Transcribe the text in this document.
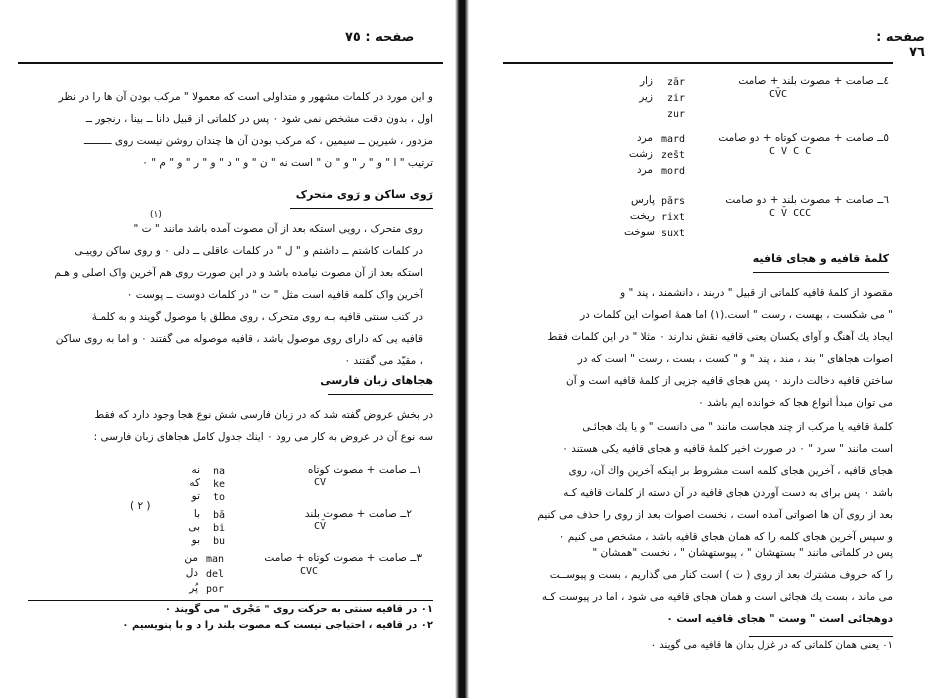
صفحه : ٧٥
و این مورد در کلمات مشهور و متداولی است که معمولا " مرکب بودن آن ها را در نظر
اول ، بدون دقت مشخص نمی شود ٠ پس در کلماتی از قبیل دانا ــ بینا ، رنجور ــ
مزدور ، شیرین ــ سیمین ، که مرکب بودن آن ها چندان روشن نیست روی ـــــــــ
ترتیب " ا " و " ر " و " ن " است نه " ن " و " د " و " ر " و " م " ٠
رَوی ساکن و رَوی متحرک
(١)
روی متحرک ، رویی استکه بعد از آن مصوت آمده باشد مانند " ت "
در کلمات کاشتم ــ داشتم و " ل " در کلمات عاقلی ــ دلی ٠ و روی ساکن روییـی
استکه بعد از آن مصوت نیامده باشد و در این صورت روی هم آخرین واک اصلی و هـم
آخرین واک کلمه قافیه است مثل " ت " در کلمات دوست ــ پوست ٠
در کتب سنتی قافیه بـه روی متحرک ، روی مطلق یا موصول گویند و به کلمـهٔ
قافیه یی که دارای روی موصول باشد ، قافیه موصوله می گفتند ٠ و اما به روی ساکن
، مقیّد می گفتند ٠
هجاهای زبان فارسی
در بخش عروض گفته شد که در زبان فارسی شش نوع هجا وجود دارد که فقط
سه نوع آن در عروض به کار می رود ٠ اینك جدول کامل هجاهای زبان فارسی :
١ــ صامت + مصوت کوتاه
CV
na
ke
to
نه
که
تو
٢ــ صامت + مصوت بلند
CV̄
( ٢ )
bā
bi
bu
با
بی
بو
٣ــ صامت + مصوت کوتاه + صامت
CVC
man
del
por
من
دل
پُر
٠١ در قافیه سنتی به حرکت روی " مَجْری " می گویند ٠
٠٢ در قافیه ، احتیاجی نیست کـه مصوت بلند را د و با پنویسیم ٠
صفحه : ٧٦
٤ــ صامت + مصوت بلند + صامت
CV̄C
zār
zir
zur
زار
زیر
٥ــ صامت + مصوت کوتاه + دو صامت
C V C C
mard
zešt
mord
مرد
زشت
مرد
٦ــ صامت + مصوت بلند + دو صامت
C V̄ CCC
pārs
rixt
suxt
پارس
ریخت
سوخت
کلمهٔ قافیه و هجای قافیه
مقصود از کلمهٔ قافیه کلماتی از قبیل " دربند ، دانشمند ، پند " و
" می شکست ، بهست ، رست " است.(١) اما همهٔ اصوات این کلمات در
ایجاد یك آهنگ و آوای یکسان یعنی قافیه نقش ندارند ٠ مثلا " در این کلمات فقط
اصوات هجاهای " بند ، مند ، پند " و " کست ، بست ، رست " است که در
ساختن قافیه دخالت دارند ٠ پس هجای قافیه جزیی از کلمهٔ قافیه است و آن
می توان مبدأ انواع هجا که خوانده ایم باشد ٠
کلمهٔ قافیه یا مرکب از چند هجاست مانند " می دانست " و یا یك هجائـی
است مانند " سرد " ٠ در صورت اخیر کلمهٔ قافیه و هجای قافیه یکی هستند ٠
هجای قافیه ، آخرین هجای کلمه است مشروط بر اینکه آخرین واك آن، روی
باشد ٠ پس برای به دست آوردن هجای قافیه در آن دسته از کلمات قافیه کـه
بعد از روی آن ها اصواتی آمده است ، نخست اصوات بعد از روی را حذف می کنیم
و سپس آخرین هجای کلمه را که همان هجای قافیه باشد ، مشخص می کنیم ٠
پس در کلماتی مانند " بستهشان " ، پیوستهشان " ، نخست "همشان "
را که حروف مشترك بعد از روی ( ت ) است کنار می گذاریم ، بست و پیوســت
می ماند ، بست یك هجائی است و همان هجای قافیه می شود ، اما در پیوست کـه
دوهجائی است " وست " هجای قافیه است ٠
٠١ یعنی همان کلماتی که در غزل بدان ها قافیه می گویند ٠
